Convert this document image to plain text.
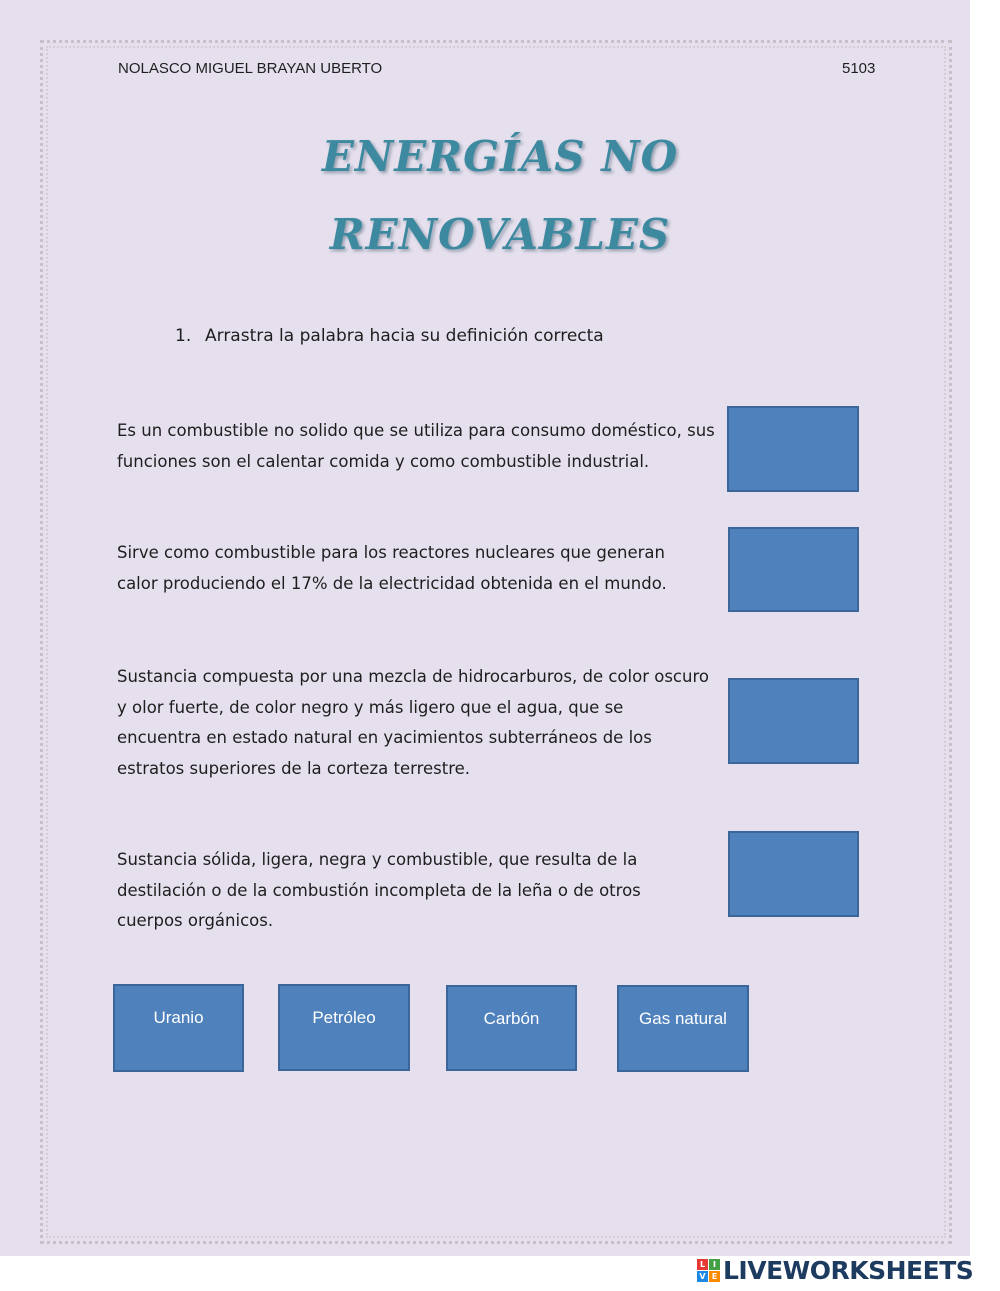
NOLASCO MIGUEL BRAYAN UBERTO	5103
ENERGÍAS NO
RENOVABLES
1. Arrastra la palabra hacia su definición correcta
Es un combustible no solido que se utiliza para consumo doméstico, sus
funciones son el calentar comida y como combustible industrial.
Sirve como combustible para los reactores nucleares que generan
calor produciendo el 17% de la electricidad obtenida en el mundo.
Sustancia compuesta por una mezcla de hidrocarburos, de color oscuro
y olor fuerte, de color negro y más ligero que el agua, que se
encuentra en estado natural en yacimientos subterráneos de los
estratos superiores de la corteza terrestre.
Sustancia sólida, ligera, negra y combustible, que resulta de la
destilación o de la combustión incompleta de la leña o de otros
cuerpos orgánicos.
Uranio	Petróleo	Carbón	Gas natural
L I
V E LIVEWORKSHEETS
